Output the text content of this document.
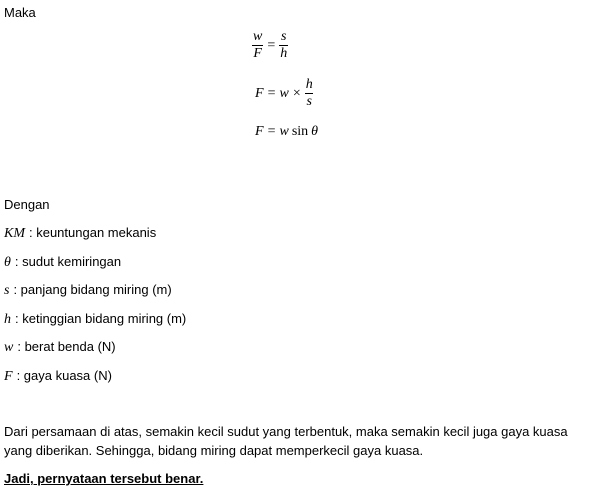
Maka
$\frac{w}{F} = \frac{s}{h}$
$F = w \times \frac{h}{s}$
F = w sin θ
Dengan
KM : keuntungan mekanis
θ : sudut kemiringan
s : panjang bidang miring (m)
h : ketinggian bidang miring (m)
w : berat benda (N)
F : gaya kuasa (N)
Dari persamaan di atas, semakin kecil sudut yang terbentuk, maka semakin kecil juga gaya kuasa
yang diberikan. Sehingga, bidang miring dapat memperkecil gaya kuasa.
Jadi, pernyataan tersebut benar.
